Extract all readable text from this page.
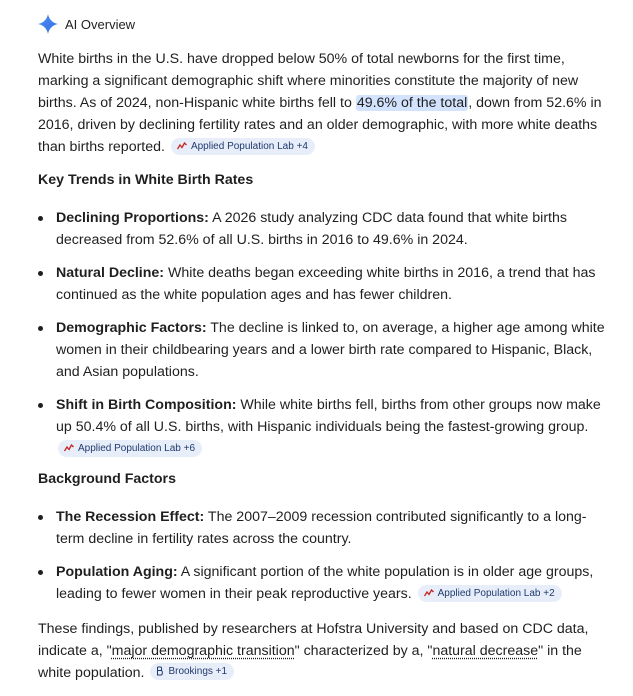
AI Overview

White births in the U.S. have dropped below 50% of total newborns for the first time, marking a significant demographic shift where minorities constitute the majority of new births. As of 2024, non-Hispanic white births fell to 49.6% of the total, down from 52.6% in 2016, driven by declining fertility rates and an older demographic, with more white deaths than births reported.	Applied Population Lab +4

Key Trends in White Birth Rates
Declining Proportions: A 2026 study analyzing CDC data found that white births decreased from 52.6% of all U.S. births in 2016 to 49.6% in 2024.
Natural Decline: White deaths began exceeding white births in 2016, a trend that has continued as the white population ages and has fewer children.
Demographic Factors: The decline is linked to, on average, a higher age among white women in their childbearing years and a lower birth rate compared to Hispanic, Black, and Asian populations.
Shift in Birth Composition: While white births fell, births from other groups now make up 50.4% of all U.S. births, with Hispanic individuals being the fastest-growing group.
Applied Population Lab +6
Background Factors
The Recession Effect: The 2007–2009 recession contributed significantly to a long-term decline in fertility rates across the country.
Population Aging: A significant portion of the white population is in older age groups, leading to fewer women in their peak reproductive years.	Applied Population Lab +2

These findings, published by researchers at Hofstra University and based on CDC data, indicate a, "major demographic transition" characterized by a, "natural decrease" in the white population. Brookings +1
